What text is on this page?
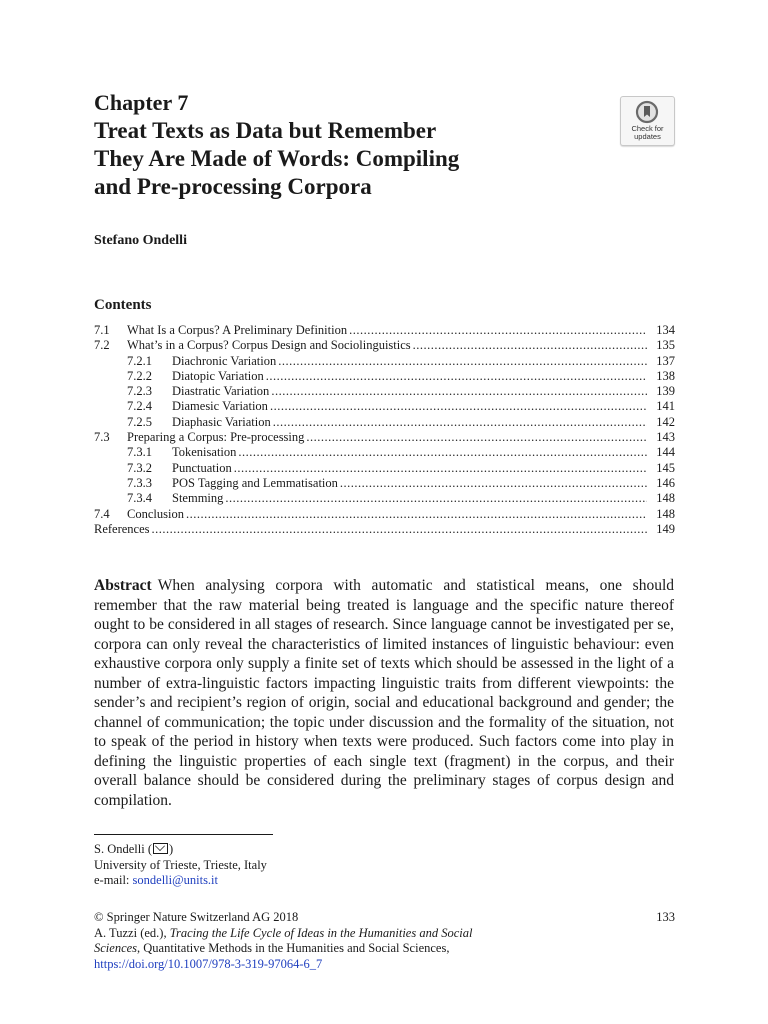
Chapter 7
Treat Texts as Data but Remember
They Are Made of Words: Compiling
and Pre-processing Corpora
Check for
updates
Stefano Ondelli
Contents
7.1	What Is a Corpus? A Preliminary Definition .....	134
7.2	What’s in a Corpus? Corpus Design and Sociolinguistics .....	135
7.2.1	Diachronic Variation .....	137
7.2.2	Diatopic Variation .....	138
7.2.3	Diastratic Variation .....	139
7.2.4	Diamesic Variation .....	141
7.2.5	Diaphasic Variation .....	142
7.3	Preparing a Corpus: Pre-processing .....	143
7.3.1	Tokenisation .....	144
7.3.2	Punctuation .....	145
7.3.3	POS Tagging and Lemmatisation .....	146
7.3.4	Stemming .....	148
7.4	Conclusion .....	148
References .....	149
Abstract When analysing corpora with automatic and statistical means, one should remember that the raw material being treated is language and the specific nature thereof ought to be considered in all stages of research. Since language cannot be investigated per se, corpora can only reveal the characteristics of limited instances of linguistic behaviour: even exhaustive corpora only supply a finite set of texts which should be assessed in the light of a number of extra-linguistic factors impacting linguistic traits from different viewpoints: the sender’s and recipient’s region of origin, social and educational background and gender; the channel of communication; the topic under discussion and the formality of the situation, not to speak of the period in history when texts were produced. Such factors come into play in defining the linguistic properties of each single text (fragment) in the corpus, and their overall balance should be considered during the preliminary stages of corpus design and compilation.
S. Ondelli ( )
University of Trieste, Trieste, Italy
e-mail: sondelli@units.it
133
© Springer Nature Switzerland AG 2018
A. Tuzzi (ed.), Tracing the Life Cycle of Ideas in the Humanities and Social
Sciences, Quantitative Methods in the Humanities and Social Sciences,
https://doi.org/10.1007/978-3-319-97064-6_7
